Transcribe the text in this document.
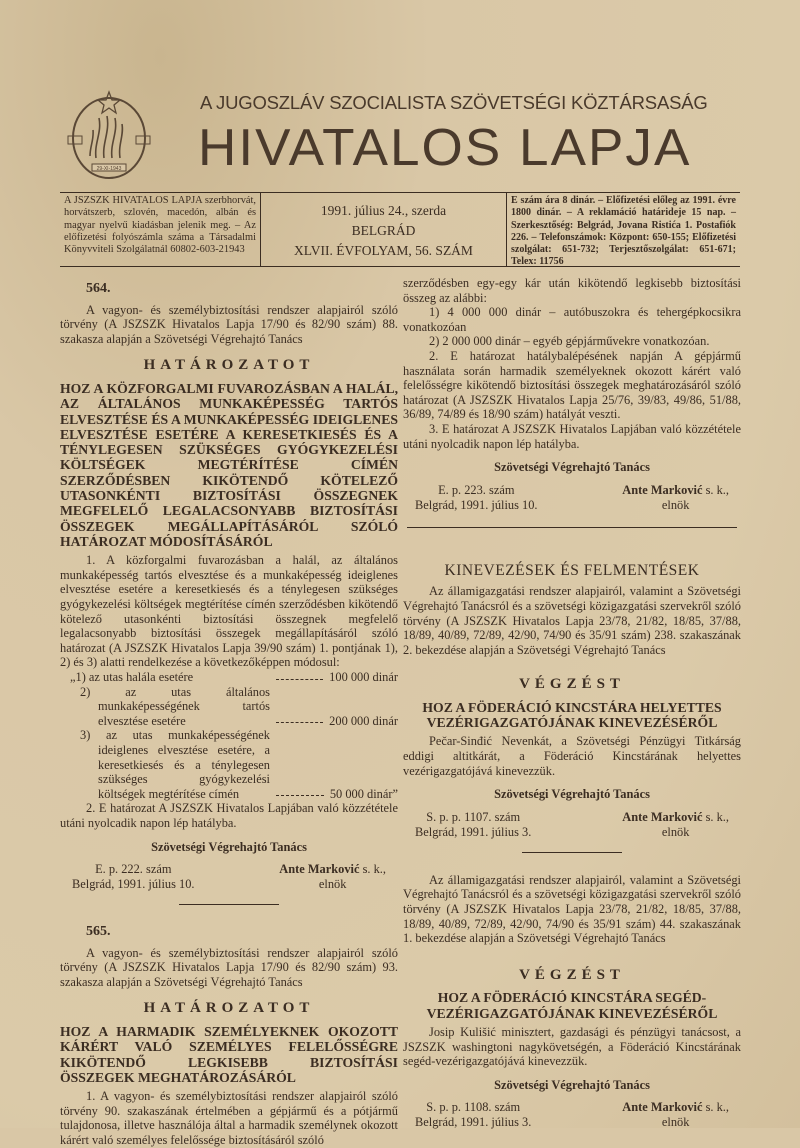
29-XI-1943
A JUGOSZLÁV SZOCIALISTA SZÖVETSÉGI KÖZTÁRSASÁG
HIVATALOS LAPJA
A JSZSZK HIVATALOS LAPJA szerbhorvát, horvátszerb, szlovén, macedón, albán és magyar nyelvű kiadásban jelenik meg. – Az előfizetési folyószámla száma a Társadalmi Könyvviteli Szolgálatnál 60802-603-21943
1991. július 24., szerda
BELGRÁD
XLVII. ÉVFOLYAM, 56. SZÁM
E szám ára 8 dinár. – Előfizetési előleg az 1991. évre 1800 dinár. – A reklamáció határideje 15 nap. – Szerkesztőség: Belgrád, Jovana Ristića 1. Postafiók 226. – Telefonszámok: Központ: 650-155; Előfizetési szolgálat: 651-732; Terjesztőszolgálat: 651-671; Telex: 11756
564.

A vagyon- és személybiztosítási rendszer alapjairól szóló törvény (A JSZSZK Hivatalos Lapja 17/90 és 82/90 szám) 88. szakasza alapján a Szövetségi Végrehajtó Tanács

HATÁROZATOT
HOZ A KÖZFORGALMI FUVAROZÁSBAN A HALÁL, AZ ÁLTALÁNOS MUNKAKÉPESSÉG TARTÓS ELVESZTÉSE ÉS A MUNKAKÉPESSÉG IDEIGLENES ELVESZTÉSE ESETÉRE A KERESETKIESÉS ÉS A TÉNYLEGESEN SZÜKSÉGES GYÓGYKEZELÉSI KÖLTSÉGEK MEGTÉRÍTÉSE CÍMÉN SZERZŐDÉSBEN KIKÖTENDŐ KÖTELEZŐ UTASONKÉNTI BIZTOSÍTÁSI ÖSSZEGNEK MEGFELELŐ LEGALACSONYABB BIZTOSÍTÁSI ÖSSZEGEK MEGÁLLAPÍTÁSÁRÓL SZÓLÓ HATÁROZAT MÓDOSÍTÁSÁRÓL

1. A közforgalmi fuvarozásban a halál, az általános munkaképesség tartós elvesztése és a munkaképesség ideiglenes elvesztése esetére a keresetkiesés és a ténylegesen szükséges gyógykezelési költségek megtérítése címén szerződésben kikötendő kötelező utasonkénti biztosítási összegnek megfelelő legalacsonyabb biztosítási összegek megállapításáról szóló határozat (A JSZSZK Hivatalos Lapja 39/90 szám) 1. pontjának 1), 2) és 3) alatti rendelkezése a következőképpen módosul:

„1) az utas halála esetére	100 000 dinár
2) az utas általános munkaképességének tartós elvesztése esetére	200 000 dinár
3) az utas munkaképességének ideiglenes elvesztése esetére, a keresetkiesés és a ténylegesen szükséges gyógykezelési költségek megtérítése címén	50 000 dinár”

2. E határozat A JSZSZK Hivatalos Lapjában való közzététele utáni nyolcadik napon lép hatályba.

Szövetségi Végrehajtó Tanács
E. p. 222. szám
Belgrád, 1991. július 10.
Ante Marković s. k.,
elnök
565.

A vagyon- és személybiztosítási rendszer alapjairól szóló törvény (A JSZSZK Hivatalos Lapja 17/90 és 82/90 szám) 93. szakasza alapján a Szövetségi Végrehajtó Tanács

HATÁROZATOT
HOZ A HARMADIK SZEMÉLYEKNEK OKOZOTT KÁRÉRT VALÓ SZEMÉLYES FELELŐSSÉGRE KIKÖTENDŐ LEGKISEBB BIZTOSÍTÁSI ÖSSZEGEK MEGHATÁROZÁSÁRÓL

1. A vagyon- és személybiztosítási rendszer alapjairól szóló törvény 90. szakaszának értelmében a gépjármű és a pótjármű tulajdonosa, illetve használója által a harmadik személynek okozott kárért való személyes felelőssége biztosításáról szóló

szerződésben egy-egy kár után kikötendő legkisebb biztosítási összeg az alábbi:

1) 4 000 000 dinár – autóbuszokra és tehergépkocsikra vonatkozóan

2) 2 000 000 dinár – egyéb gépjárművekre vonatkozóan.

2. E határozat hatálybalépésének napján A gépjármű használata során harmadik személyeknek okozott kárért való felelősségre kikötendő biztosítási összegek meghatározásáról szóló határozat (A JSZSZK Hivatalos Lapja 25/76, 39/83, 49/86, 51/88, 36/89, 74/89 és 18/90 szám) hatályát veszti.

3. E határozat A JSZSZK Hivatalos Lapjában való közzététele utáni nyolcadik napon lép hatályba.

Szövetségi Végrehajtó Tanács
E. p. 223. szám
Belgrád, 1991. július 10.
Ante Marković s. k.,
elnök
KINEVEZÉSEK ÉS FELMENTÉSEK

Az államigazgatási rendszer alapjairól, valamint a Szövetségi Végrehajtó Tanácsról és a szövetségi közigazgatási szervekről szóló törvény (A JSZSZK Hivatalos Lapja 23/78, 21/82, 18/85, 37/88, 18/89, 40/89, 72/89, 42/90, 74/90 és 35/91 szám) 238. szakaszának 2. bekezdése alapján a Szövetségi Végrehajtó Tanács

VÉGZÉST
HOZ A FÖDERÁCIÓ KINCSTÁRA HELYETTES VEZÉRIGAZGATÓJÁNAK KINEVEZÉSÉRŐL

Pečar-Sinđić Nevenkát, a Szövetségi Pénzügyi Titkárság eddigi altitkárát, a Föderáció Kincstárának helyettes vezérigazgatójává kinevezzük.

Szövetségi Végrehajtó Tanács
S. p. p. 1107. szám
Belgrád, 1991. július 3.
Ante Marković s. k.,
elnök

Az államigazgatási rendszer alapjairól, valamint a Szövetségi Végrehajtó Tanácsról és a szövetségi közigazgatási szervekről szóló törvény (A JSZSZK Hivatalos Lapja 23/78, 21/82, 18/85, 37/88, 18/89, 40/89, 72/89, 42/90, 74/90 és 35/91 szám) 44. szakaszának 1. bekezdése alapján a Szövetségi Végrehajtó Tanács

VÉGZÉST
HOZ A FÖDERÁCIÓ KINCSTÁRA SEGÉD-VEZÉRIGAZGATÓJÁNAK KINEVEZÉSÉRŐL

Josip Kulišić minisztert, gazdasági és pénzügyi tanácsost, a JSZSZK washingtoni nagykövetségén, a Föderáció Kincstárának segéd-vezérigazgatójává kinevezzük.

Szövetségi Végrehajtó Tanács
S. p. p. 1108. szám
Belgrád, 1991. július 3.
Ante Marković s. k.,
elnök
